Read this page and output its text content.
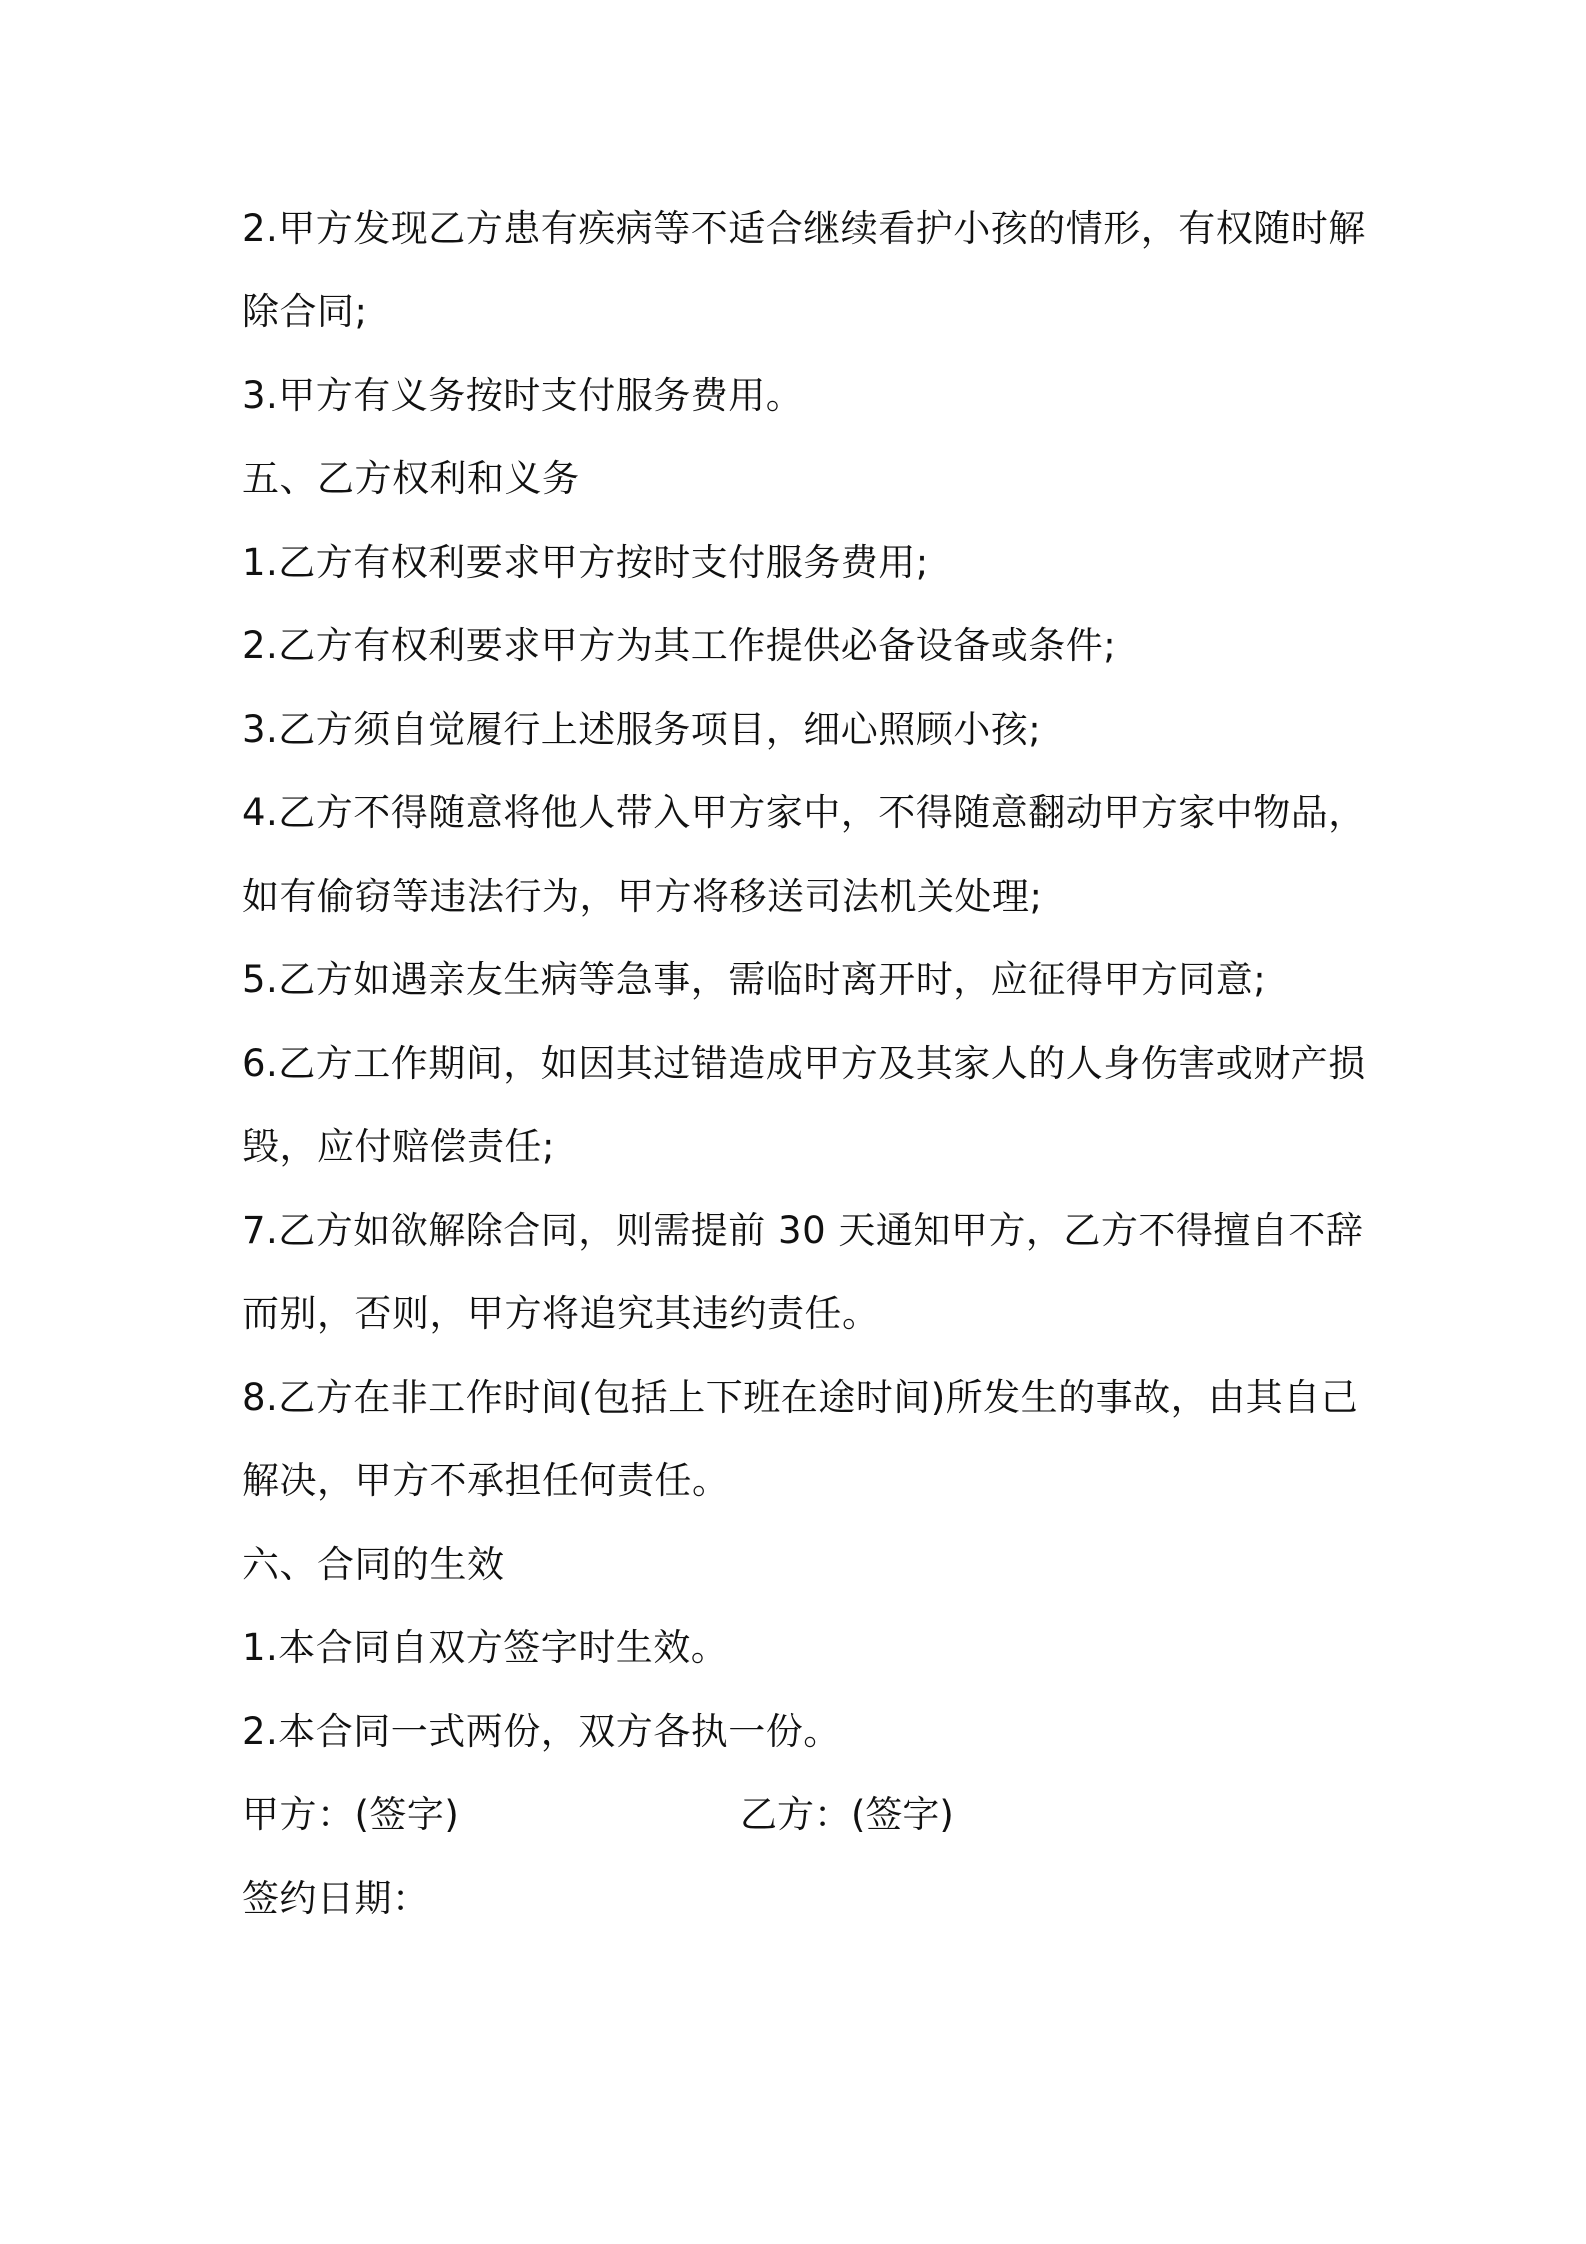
2.甲方发现乙方患有疾病等不适合继续看护小孩的情形，有权随时解
除合同;
3.甲方有义务按时支付服务费用。
五、乙方权利和义务
1.乙方有权利要求甲方按时支付服务费用;
2.乙方有权利要求甲方为其工作提供必备设备或条件;
3.乙方须自觉履行上述服务项目，细心照顾小孩;
4.乙方不得随意将他人带入甲方家中，不得随意翻动甲方家中物品，
如有偷窃等违法行为，甲方将移送司法机关处理;
5.乙方如遇亲友生病等急事，需临时离开时，应征得甲方同意;
6.乙方工作期间，如因其过错造成甲方及其家人的人身伤害或财产损
毁，应付赔偿责任;
7.乙方如欲解除合同，则需提前 30 天通知甲方，乙方不得擅自不辞
而别，否则，甲方将追究其违约责任。
8.乙方在非工作时间(包括上下班在途时间)所发生的事故，由其自己
解决，甲方不承担任何责任。
六、合同的生效
1.本合同自双方签字时生效。
2.本合同一式两份，双方各执一份。
甲方：(签字)	乙方：(签字)
签约日期：
